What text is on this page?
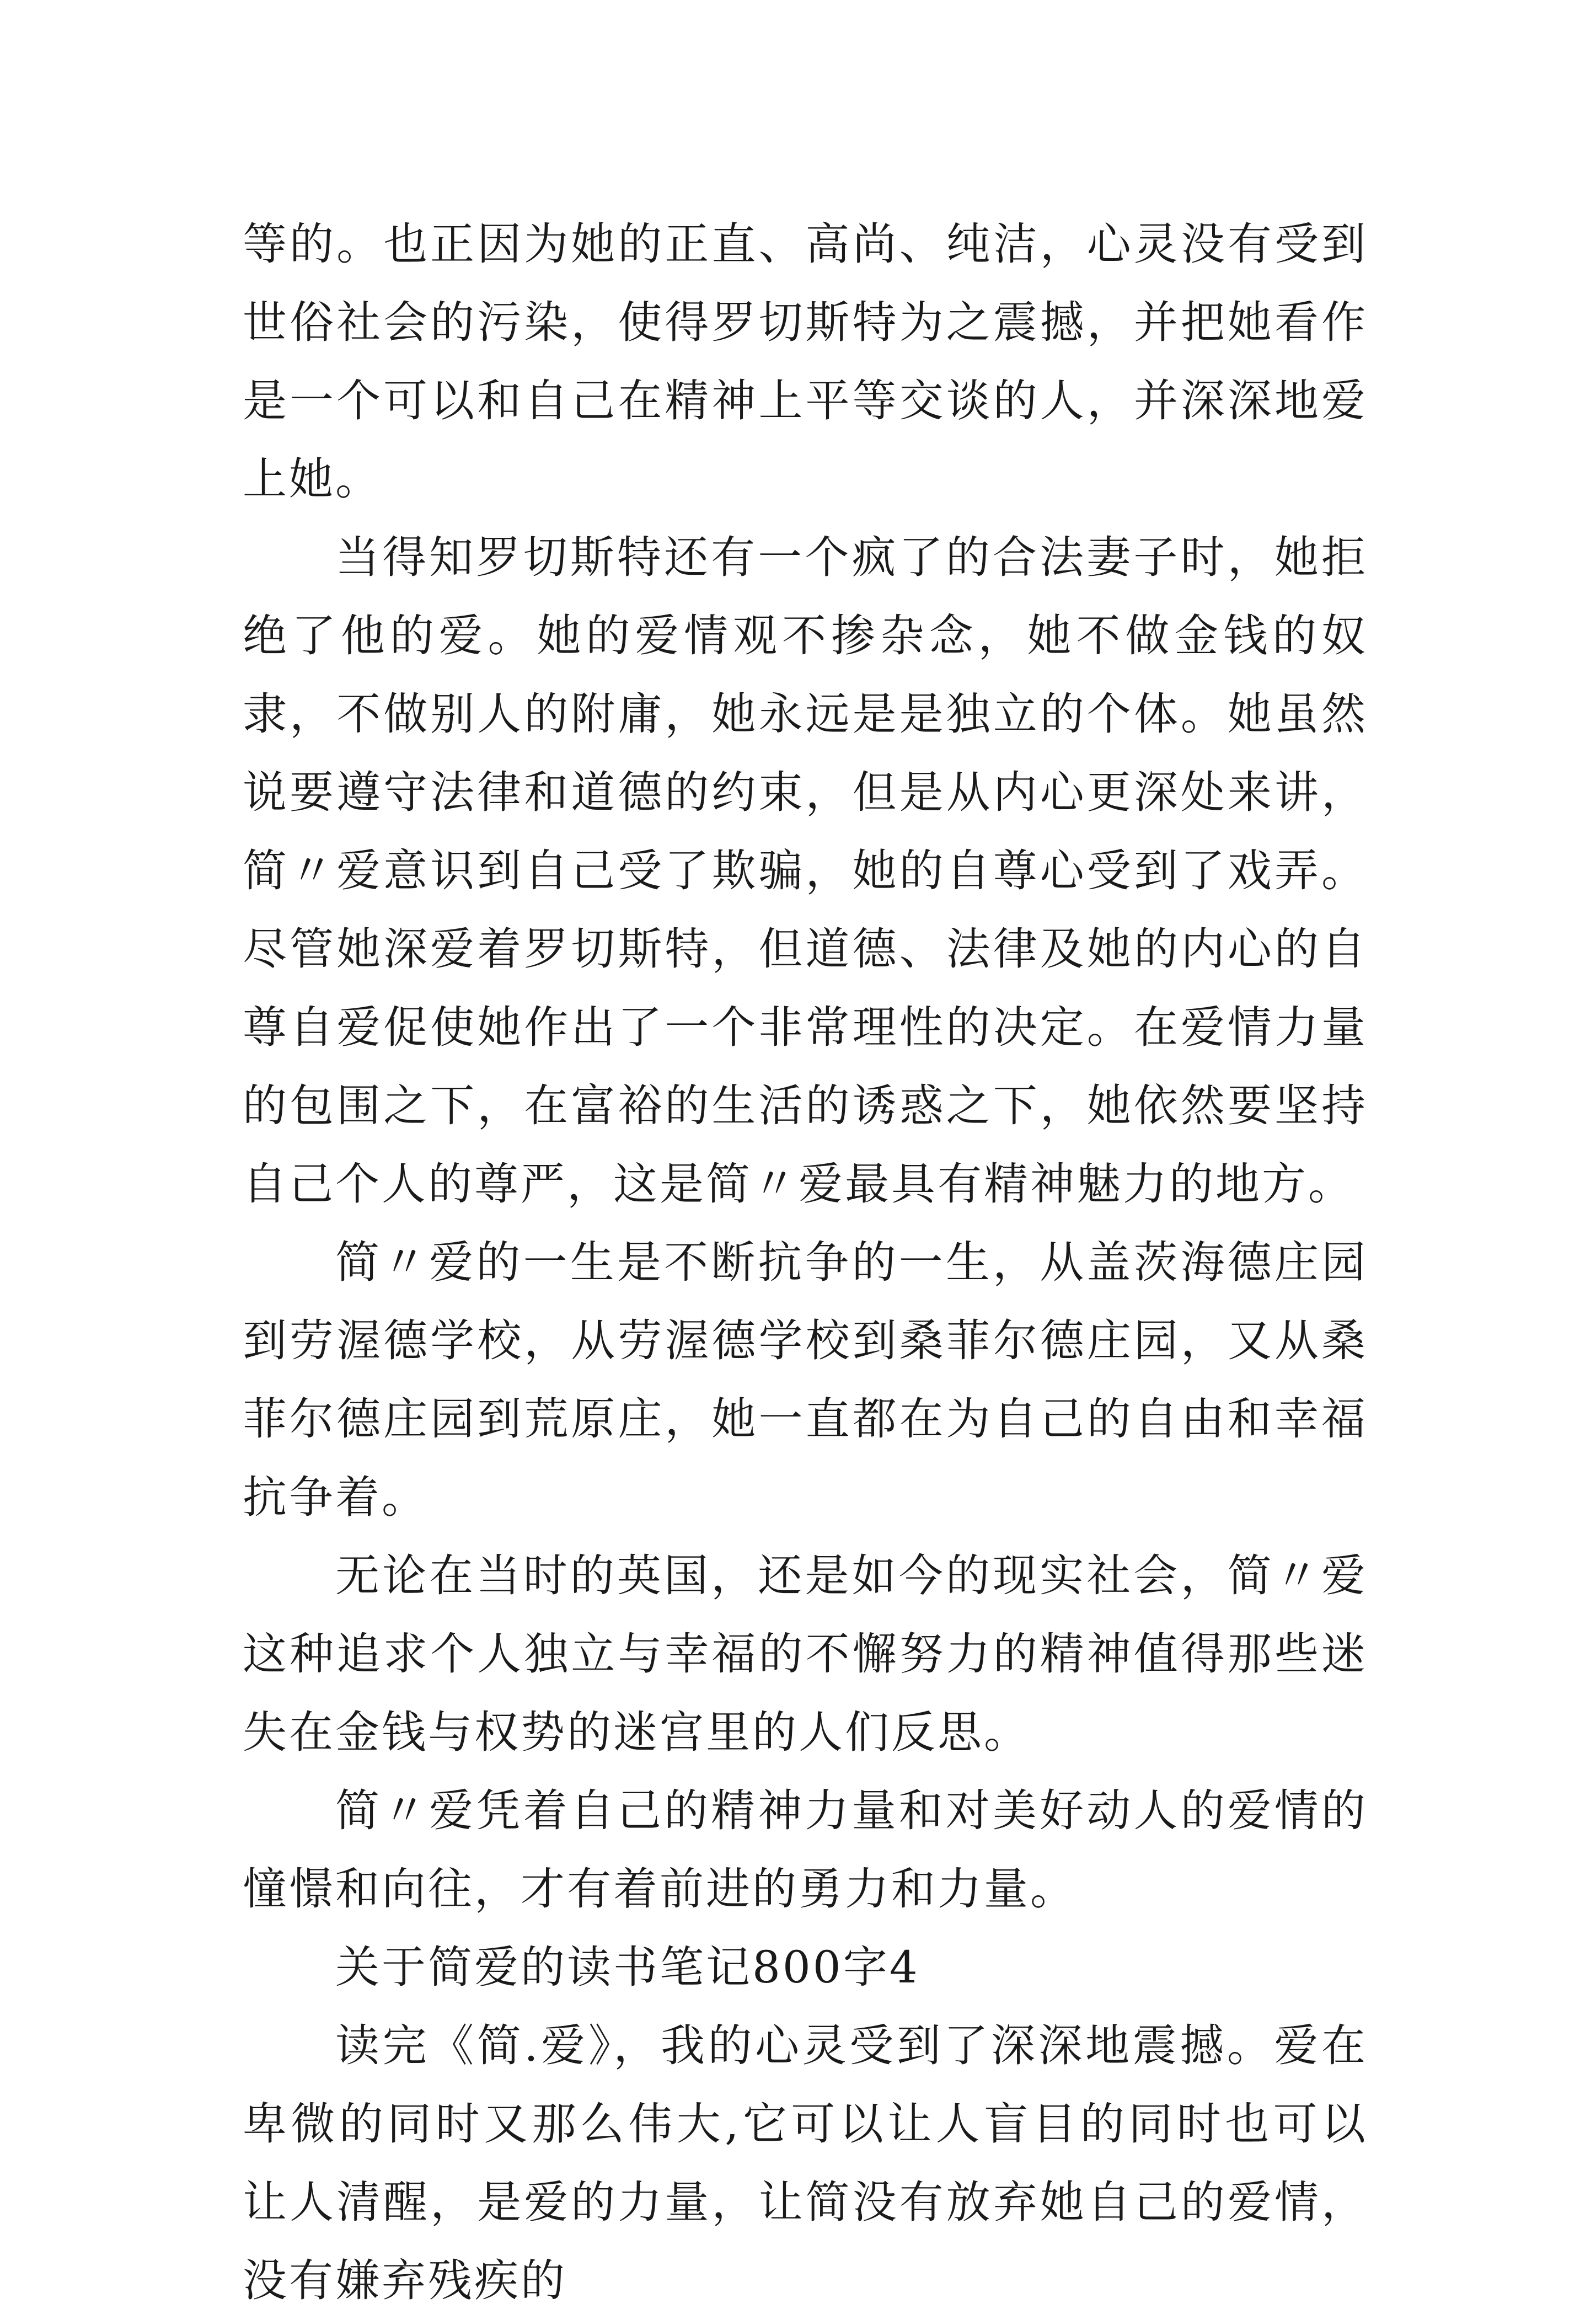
等的。也正因为她的正直、高尚、纯洁，心灵没有受到世俗社会的污染，使得罗切斯特为之震撼，并把她看作是一个可以和自己在精神上平等交谈的人，并深深地爱上她。

当得知罗切斯特还有一个疯了的合法妻子时，她拒绝了他的爱。她的爱情观不掺杂念，她不做金钱的奴隶，不做别人的附庸，她永远是是独立的个体。她虽然说要遵守法律和道德的约束，但是从内心更深处来讲，简〃爱意识到自己受了欺骗，她的自尊心受到了戏弄。尽管她深爱着罗切斯特，但道德、法律及她的内心的自尊自爱促使她作出了一个非常理性的决定。在爱情力量的包围之下，在富裕的生活的诱惑之下，她依然要坚持自己个人的尊严，这是简〃爱最具有精神魅力的地方。

简〃爱的一生是不断抗争的一生，从盖茨海德庄园到劳渥德学校，从劳渥德学校到桑菲尔德庄园，又从桑菲尔德庄园到荒原庄，她一直都在为自己的自由和幸福抗争着。

无论在当时的英国，还是如今的现实社会，简〃爱这种追求个人独立与幸福的不懈努力的精神值得那些迷失在金钱与权势的迷宫里的人们反思。

简〃爱凭着自己的精神力量和对美好动人的爱情的憧憬和向往，才有着前进的勇力和力量。

关于简爱的读书笔记800字4

读完《简.爱》，我的心灵受到了深深地震撼。爱在卑微的同时又那么伟大,它可以让人盲目的同时也可以让人清醒，是爱的力量，让简没有放弃她自己的爱情，没有嫌弃残疾的
